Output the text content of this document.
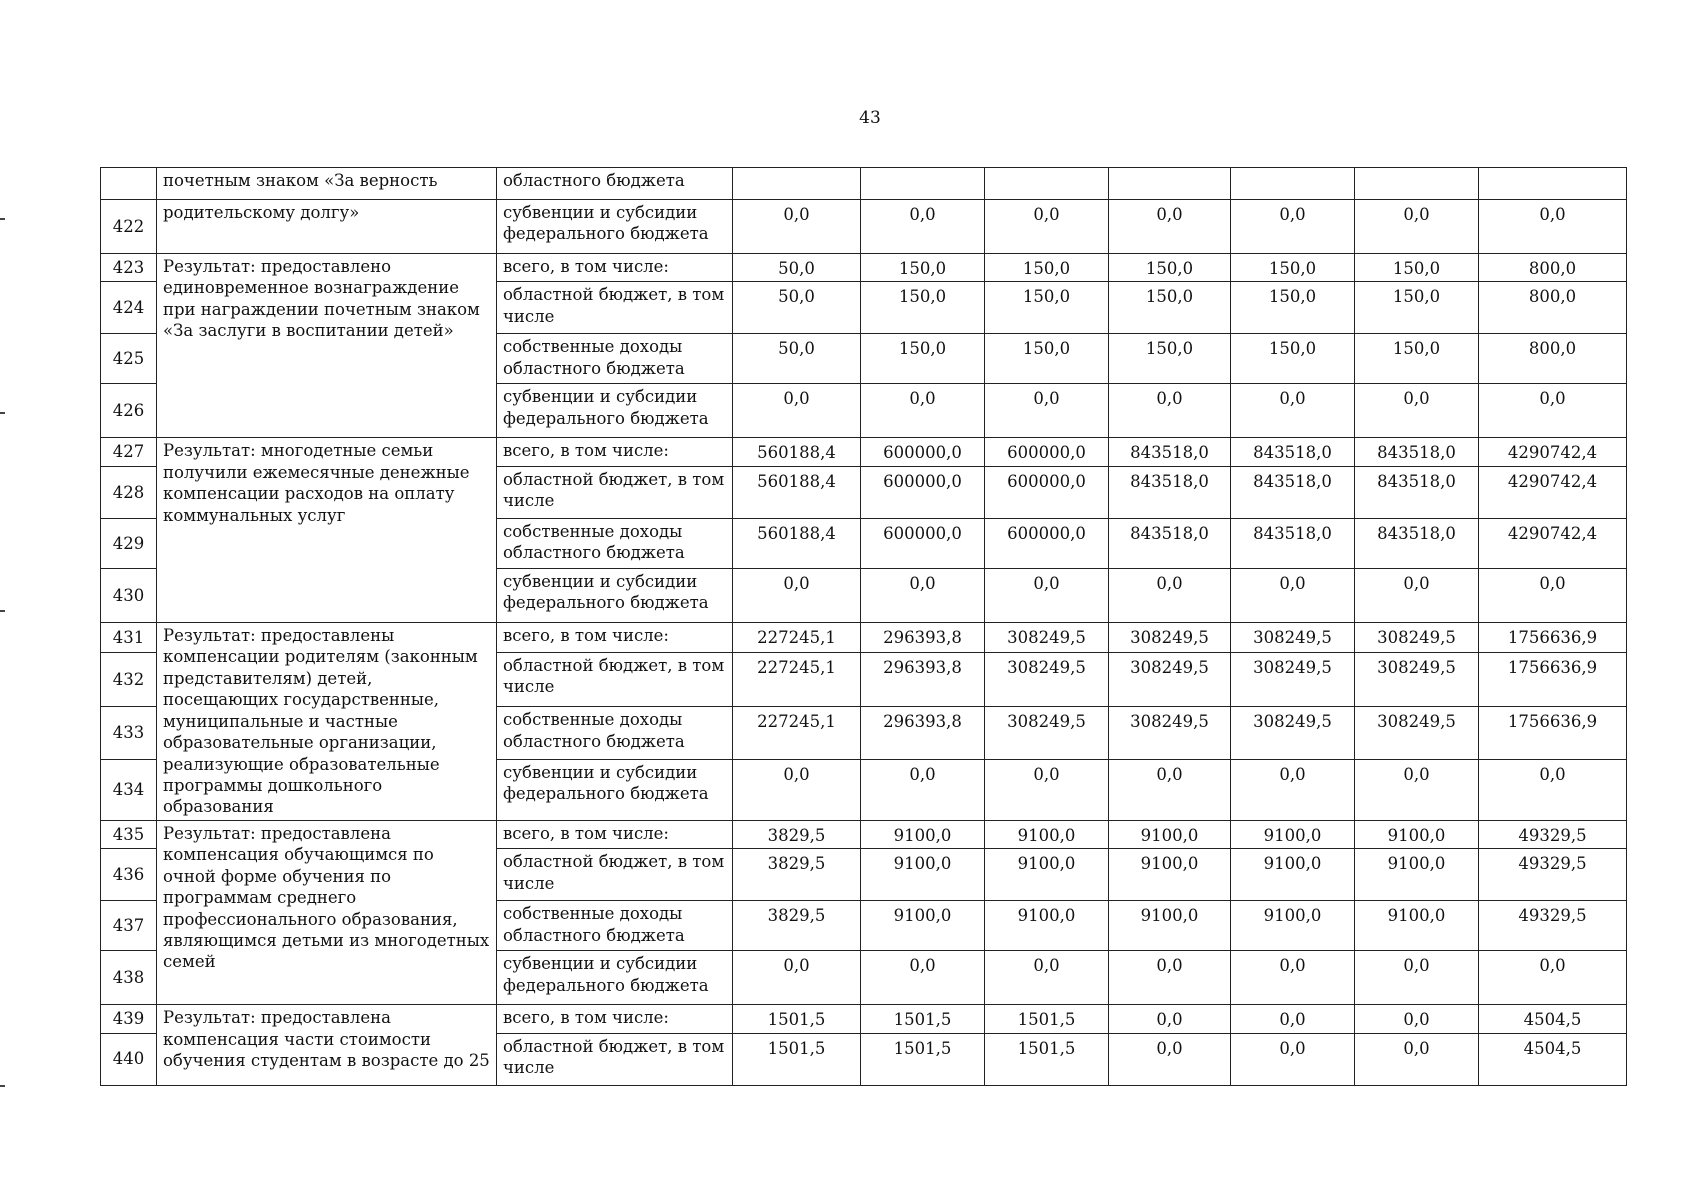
43
	почетным знаком «За верность	областного бюджета							
422	родительскому долгу»	субвенции и субсидии федерального бюджета	0,0	0,0	0,0	0,0	0,0	0,0	0,0
423	Результат: предоставлено единовременное вознаграждение при награждении почетным знаком «За заслуги в воспитании детей»	всего, в том числе:	50,0	150,0	150,0	150,0	150,0	150,0	800,0
424		областной бюджет, в том числе	50,0	150,0	150,0	150,0	150,0	150,0	800,0
425		собственные доходы областного бюджета	50,0	150,0	150,0	150,0	150,0	150,0	800,0
426		субвенции и субсидии федерального бюджета	0,0	0,0	0,0	0,0	0,0	0,0	0,0
427	Результат: многодетные семьи получили ежемесячные денежные компенсации расходов на оплату коммунальных услуг	всего, в том числе:	560188,4	600000,0	600000,0	843518,0	843518,0	843518,0	4290742,4
428		областной бюджет, в том числе	560188,4	600000,0	600000,0	843518,0	843518,0	843518,0	4290742,4
429		собственные доходы областного бюджета	560188,4	600000,0	600000,0	843518,0	843518,0	843518,0	4290742,4
430		субвенции и субсидии федерального бюджета	0,0	0,0	0,0	0,0	0,0	0,0	0,0
431	Результат: предоставлены компенсации родителям (законным представителям) детей, посещающих государственные, муниципальные и частные образовательные организации, реализующие образовательные программы дошкольного образования	всего, в том числе:	227245,1	296393,8	308249,5	308249,5	308249,5	308249,5	1756636,9
432		областной бюджет, в том числе	227245,1	296393,8	308249,5	308249,5	308249,5	308249,5	1756636,9
433		собственные доходы областного бюджета	227245,1	296393,8	308249,5	308249,5	308249,5	308249,5	1756636,9
434		субвенции и субсидии федерального бюджета	0,0	0,0	0,0	0,0	0,0	0,0	0,0
435	Результат: предоставлена компенсация обучающимся по очной форме обучения по программам среднего профессионального образования, являющимся детьми из многодетных семей	всего, в том числе:	3829,5	9100,0	9100,0	9100,0	9100,0	9100,0	49329,5
436		областной бюджет, в том числе	3829,5	9100,0	9100,0	9100,0	9100,0	9100,0	49329,5
437		собственные доходы областного бюджета	3829,5	9100,0	9100,0	9100,0	9100,0	9100,0	49329,5
438		субвенции и субсидии федерального бюджета	0,0	0,0	0,0	0,0	0,0	0,0	0,0
439	Результат: предоставлена компенсация части стоимости обучения студентам в возрасте до 25	всего, в том числе:	1501,5	1501,5	1501,5	0,0	0,0	0,0	4504,5
440		областной бюджет, в том числе	1501,5	1501,5	1501,5	0,0	0,0	0,0	4504,5
